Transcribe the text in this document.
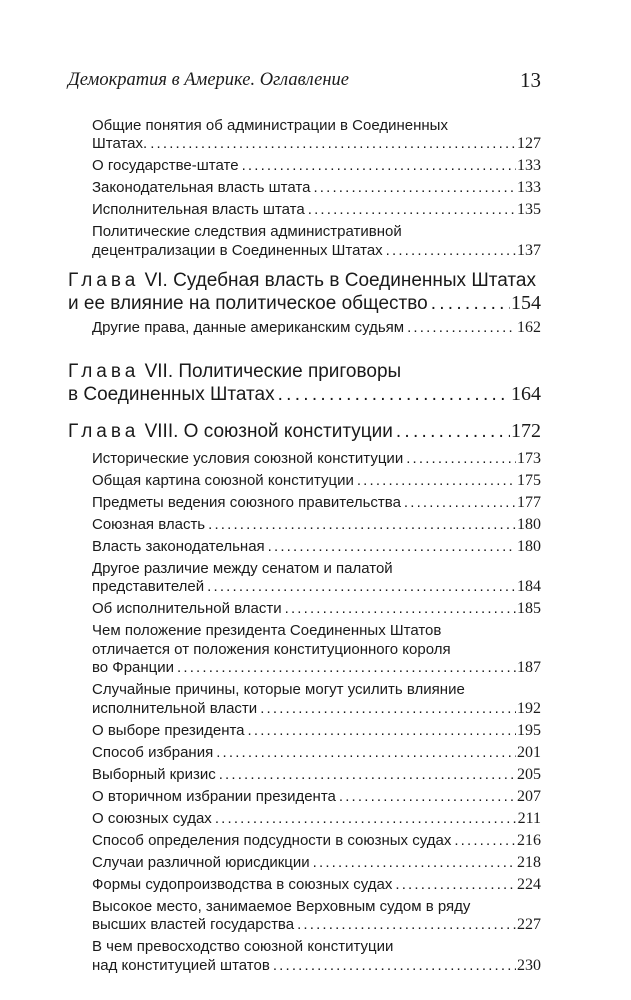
Демократия в Америке. Оглавление	13
Общие понятия об администрации в Соединенных
Штатах. . . .	127
О государстве-штате . . .	133
Законодательная власть штата . . .	133
Исполнительная власть штата . . .	135
Политические следствия административной
децентрализации в Соединенных Штатах . . .	137
Глава VI. Судебная власть в Соединенных Штатах
и ее влияние на политическое общество . . .	154
Другие права, данные американским судьям . . .	162
Глава VII. Политические приговоры
в Соединенных Штатах . . .	164
Глава VIII. О союзной конституции . . .	172
Исторические условия союзной конституции . . .	173
Общая картина союзной конституции . . .	175
Предметы ведения союзного правительства . . .	177
Союзная власть . . .	180
Власть законодательная . . .	180
Другое различие между сенатом и палатой
представителей . . .	184
Об исполнительной власти . . .	185
Чем положение президента Соединенных Штатов
отличается от положения конституционного короля
во Франции . . .	187
Случайные причины, которые могут усилить влияние
исполнительной власти . . .	192
О выборе президента . . .	195
Способ избрания . . .	201
Выборный кризис . . .	205
О вторичном избрании президента . . .	207
О союзных судах . . .	211
Способ определения подсудности в союзных судах . . .	216
Случаи различной юрисдикции . . .	218
Формы судопроизводства в союзных судах . . .	224
Высокое место, занимаемое Верховным судом в ряду
высших властей государства . . .	227
В чем превосходство союзной конституции
над конституцией штатов . . .	230
